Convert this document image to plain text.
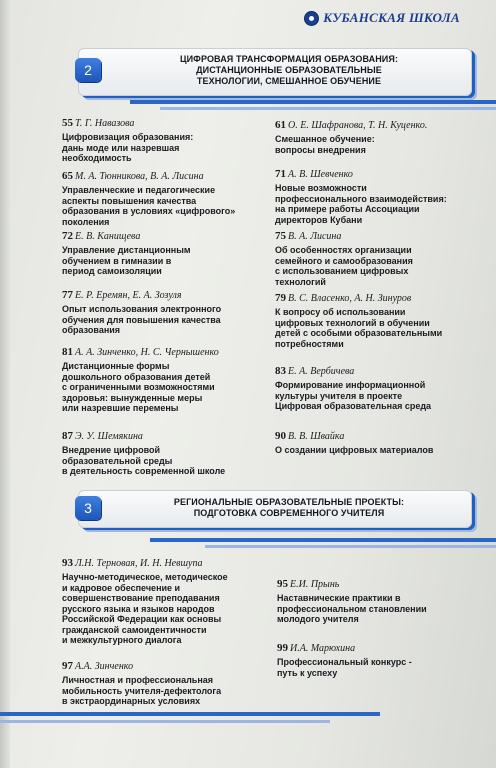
КУБАНСКАЯ ШКОЛА
2
ЦИФРОВАЯ ТРАНСФОРМАЦИЯ ОБРАЗОВАНИЯ:
ДИСТАНЦИОННЫЕ ОБРАЗОВАТЕЛЬНЫЕ
ТЕХНОЛОГИИ, СМЕШАННОЕ ОБУЧЕНИЕ
55 Т. Г. Навазова
Цифровизация образования:
дань моде или назревшая
необходимость
65 М. А. Тюнникова, В. А. Лисина
Управленческие и педагогические
аспекты повышения качества
образования в условиях «цифрового» поколения
72 Е. В. Канищева
Управление дистанционным
обучением в гимназии в
период самоизоляции
77 Е. Р. Еремян, Е. А. Зозуля
Опыт использования электронного
обучения для повышения качества
образования
81 А. А. Зинченко, Н. С. Чернышенко
Дистанционные формы
дошкольного образования детей
с ограниченными возможностями
здоровья: вынужденные меры
или назревшие перемены
87 Э. У. Шемякина
Внедрение цифровой
образовательной среды
в деятельность современной школе
61 О. Е. Шафранова, Т. Н. Куценко.
Смешанное обучение:
вопросы внедрения
71 А. В. Шевченко
Новые возможности
профессионального взаимодействия:
на примере работы Ассоциации
директоров Кубани
75 В. А. Лисина
Об особенностях организации
семейного и самообразования
с использованием цифровых
технологий
79 В. С. Власенко, А. Н. Зинуров
К вопросу об использовании
цифровых технологий в обучении
детей с особыми образовательными
потребностями
83 Е. А. Вербичева
Формирование информационной
культуры учителя в проекте
Цифровая образовательная среда
90 В. В. Швайка
О создании цифровых материалов
3	РЕГИОНАЛЬНЫЕ ОБРАЗОВАТЕЛЬНЫЕ ПРОЕКТЫ:
ПОДГОТОВКА СОВРЕМЕННОГО УЧИТЕЛЯ
93 Л.Н. Терновая, И. Н. Невшупа
Научно-методическое, методическое
и кадровое обеспечение и
совершенствование преподавания
русского языка и языков народов
Российской Федерации как основы
гражданской самоидентичности
и межкультурного диалога
97 А.А. Зинченко
Личностная и профессиональная
мобильность учителя-дефектолога
в экстраординарных условиях
95 Е.И. Прынь
Наставнические практики в
профессиональном становлении
молодого учителя
99 И.А. Марюхина
Профессиональный конкурс -
путь к успеху
